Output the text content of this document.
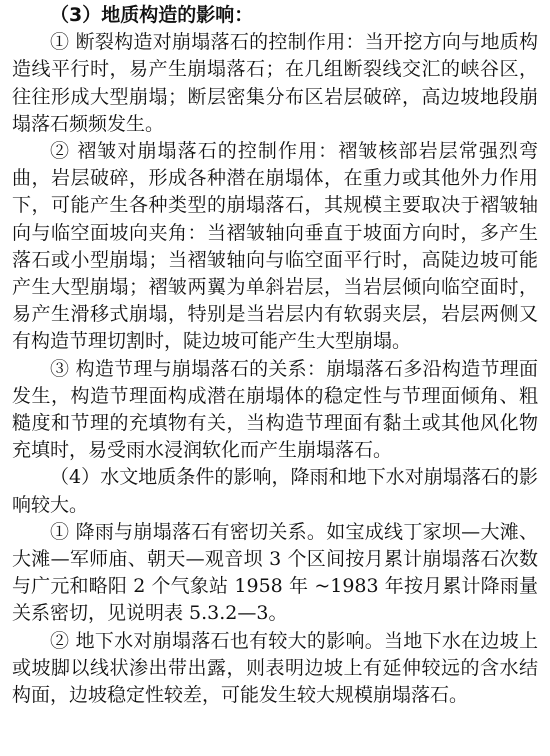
（3）地质构造的影响：

① 断裂构造对崩塌落石的控制作用：当开挖方向与地质构造线平行时，易产生崩塌落石；在几组断裂线交汇的峡谷区，往往形成大型崩塌；断层密集分布区岩层破碎，高边坡地段崩塌落石频频发生。

② 褶皱对崩塌落石的控制作用：褶皱核部岩层常强烈弯曲，岩层破碎，形成各种潜在崩塌体，在重力或其他外力作用下，可能产生各种类型的崩塌落石，其规模主要取决于褶皱轴向与临空面坡向夹角：当褶皱轴向垂直于坡面方向时，多产生落石或小型崩塌；当褶皱轴向与临空面平行时，高陡边坡可能产生大型崩塌；褶皱两翼为单斜岩层，当岩层倾向临空面时，易产生滑移式崩塌，特别是当岩层内有软弱夹层，岩层两侧又有构造节理切割时，陡边坡可能产生大型崩塌。

③ 构造节理与崩塌落石的关系：崩塌落石多沿构造节理面发生，构造节理面构成潜在崩塌体的稳定性与节理面倾角、粗糙度和节理的充填物有关，当构造节理面有黏土或其他风化物充填时，易受雨水浸润软化而产生崩塌落石。

（4）水文地质条件的影响，降雨和地下水对崩塌落石的影响较大。

① 降雨与崩塌落石有密切关系。如宝成线丁家坝—大滩、大滩—军师庙、朝天—观音坝 3 个区间按月累计崩塌落石次数与广元和略阳 2 个气象站 1958 年 ~1983 年按月累计降雨量关系密切，见说明表 5.3.2—3。

② 地下水对崩塌落石也有较大的影响。当地下水在边坡上或坡脚以线状渗出带出露，则表明边坡上有延伸较远的含水结构面，边坡稳定性较差，可能发生较大规模崩塌落石。
